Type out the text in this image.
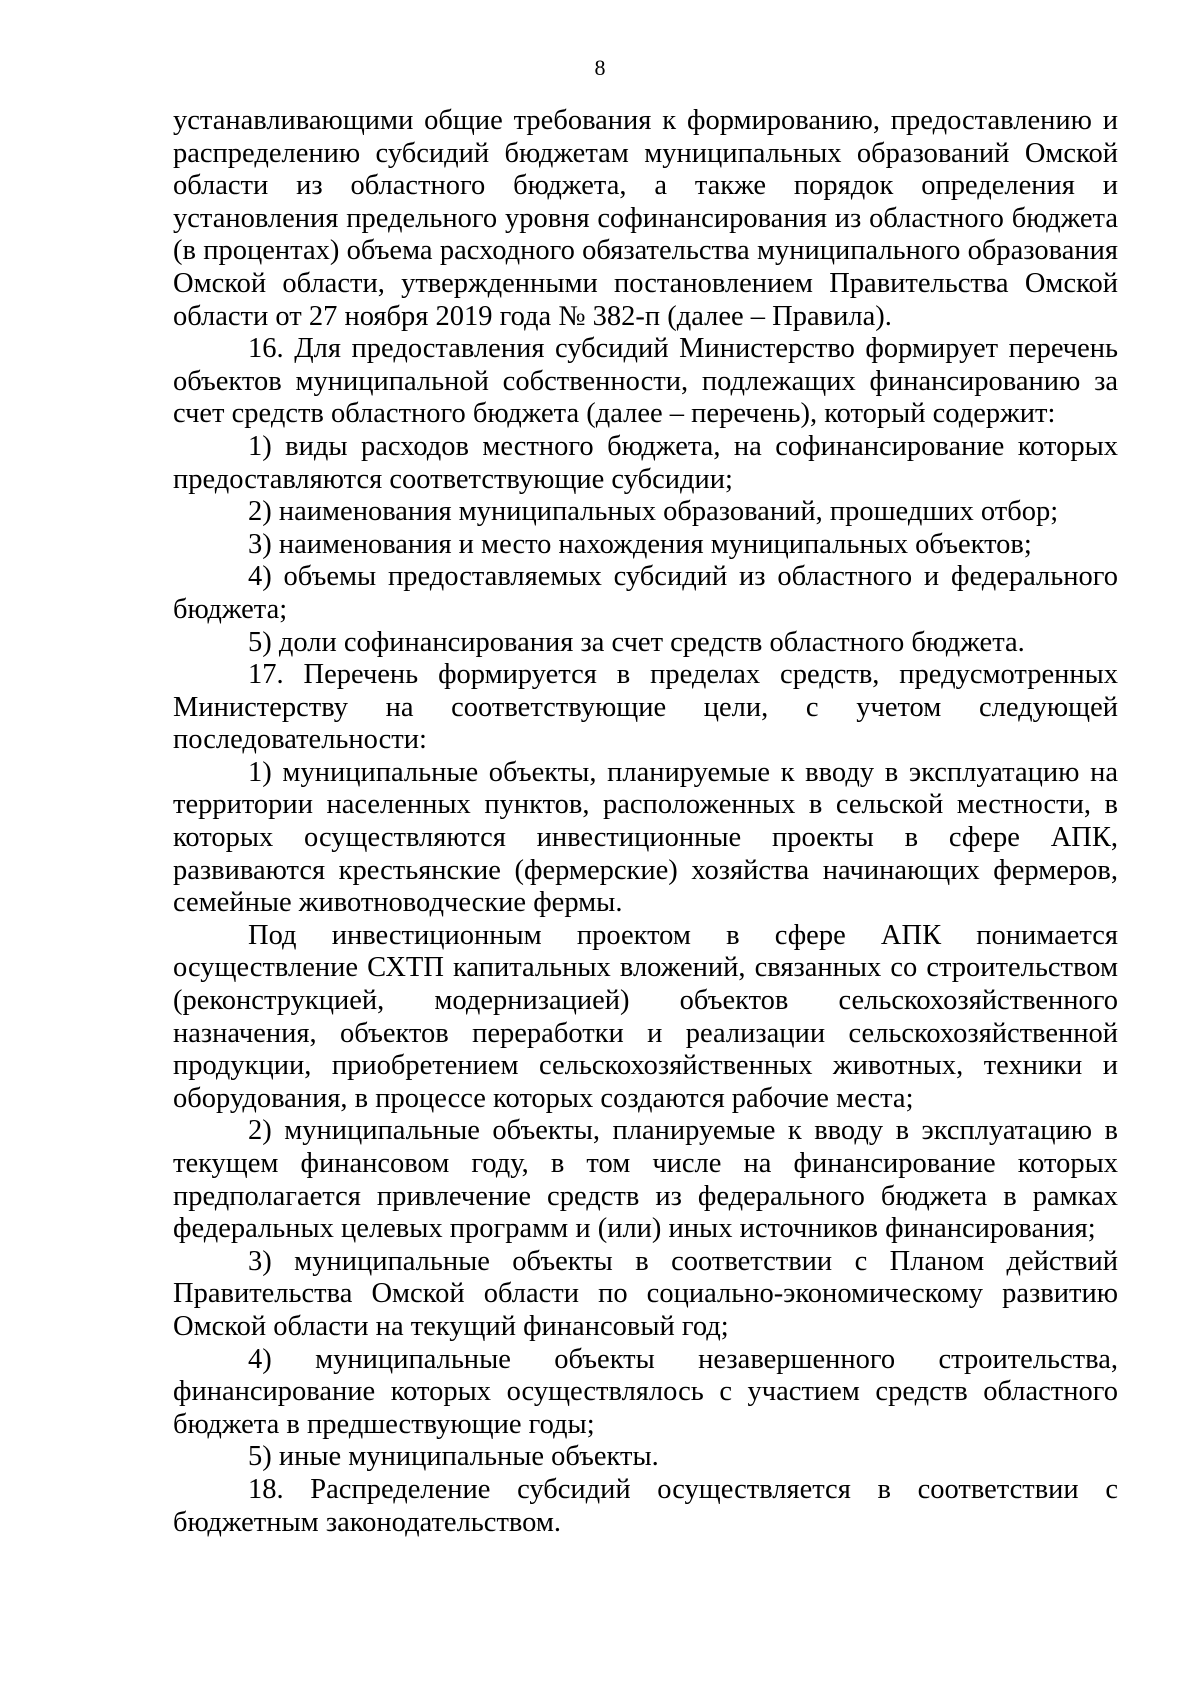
8

устанавливающими общие требования к формированию, предоставлению и распределению субсидий бюджетам муниципальных образований Омской области из областного бюджета, а также порядок определения и установления предельного уровня софинансирования из областного бюджета (в процентах) объема расходного обязательства муниципального образования Омской области, утвержденными постановлением Правительства Омской области от 27 ноября 2019 года № 382-п (далее – Правила).

16. Для предоставления субсидий Министерство формирует перечень объектов муниципальной собственности, подлежащих финансированию за счет средств областного бюджета (далее – перечень), который содержит:

1) виды расходов местного бюджета, на софинансирование которых предоставляются соответствующие субсидии;

2) наименования муниципальных образований, прошедших отбор;

3) наименования и место нахождения муниципальных объектов;

4) объемы предоставляемых субсидий из областного и федерального бюджета;

5) доли софинансирования за счет средств областного бюджета.

17. Перечень формируется в пределах средств, предусмотренных Министерству на соответствующие цели, с учетом следующей последовательности:

1) муниципальные объекты, планируемые к вводу в эксплуатацию на территории населенных пунктов, расположенных в сельской местности, в которых осуществляются инвестиционные проекты в сфере АПК, развиваются крестьянские (фермерские) хозяйства начинающих фермеров, семейные животноводческие фермы.

Под инвестиционным проектом в сфере АПК понимается осуществление СХТП капитальных вложений, связанных со строительством (реконструкцией, модернизацией) объектов сельскохозяйственного назначения, объектов переработки и реализации сельскохозяйственной продукции, приобретением сельскохозяйственных животных, техники и оборудования, в процессе которых создаются рабочие места;

2) муниципальные объекты, планируемые к вводу в эксплуатацию в текущем финансовом году, в том числе на финансирование которых предполагается привлечение средств из федерального бюджета в рамках федеральных целевых программ и (или) иных источников финансирования;

3) муниципальные объекты в соответствии с Планом действий Правительства Омской области по социально-экономическому развитию Омской области на текущий финансовый год;

4) муниципальные объекты незавершенного строительства, финансирование которых осуществлялось с участием средств областного бюджета в предшествующие годы;

5) иные муниципальные объекты.

18. Распределение субсидий осуществляется в соответствии с бюджетным законодательством.
